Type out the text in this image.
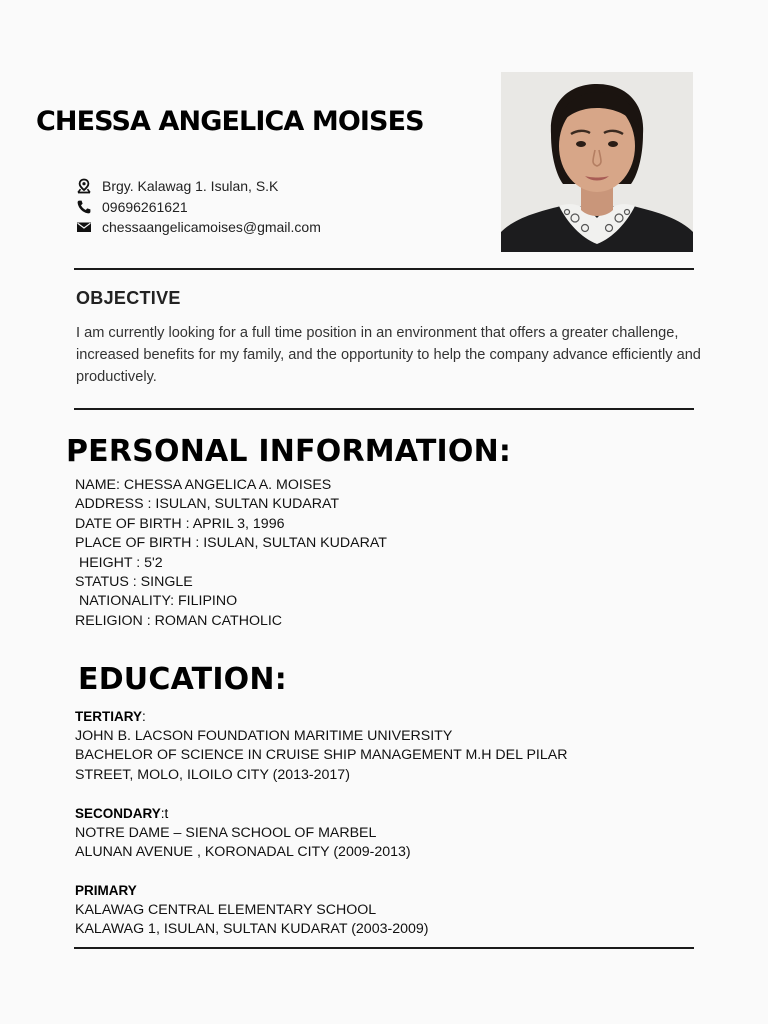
CHESSA ANGELICA MOISES
Brgy. Kalawag 1. Isulan, S.K
09696261621
chessaangelicamoises@gmail.com
OBJECTIVE
I am currently looking for a full time position in an environment that offers a greater challenge, increased benefits for my family, and the opportunity to help the company advance efficiently and productively.
PERSONAL INFORMATION:
NAME: CHESSA ANGELICA A. MOISES
ADDRESS : ISULAN, SULTAN KUDARAT
DATE OF BIRTH : APRIL 3, 1996
PLACE OF BIRTH : ISULAN, SULTAN KUDARAT
HEIGHT : 5'2
STATUS : SINGLE
NATIONALITY: FILIPINO
RELIGION : ROMAN CATHOLIC
EDUCATION:
TERTIARY:
JOHN B. LACSON FOUNDATION MARITIME UNIVERSITY
BACHELOR OF SCIENCE IN CRUISE SHIP MANAGEMENT M.H DEL PILAR
STREET, MOLO, ILOILO CITY (2013-2017)
SECONDARY:t
NOTRE DAME – SIENA SCHOOL OF MARBEL
ALUNAN AVENUE , KORONADAL CITY (2009-2013)
PRIMARY
KALAWAG CENTRAL ELEMENTARY SCHOOL
KALAWAG 1, ISULAN, SULTAN KUDARAT (2003-2009)
